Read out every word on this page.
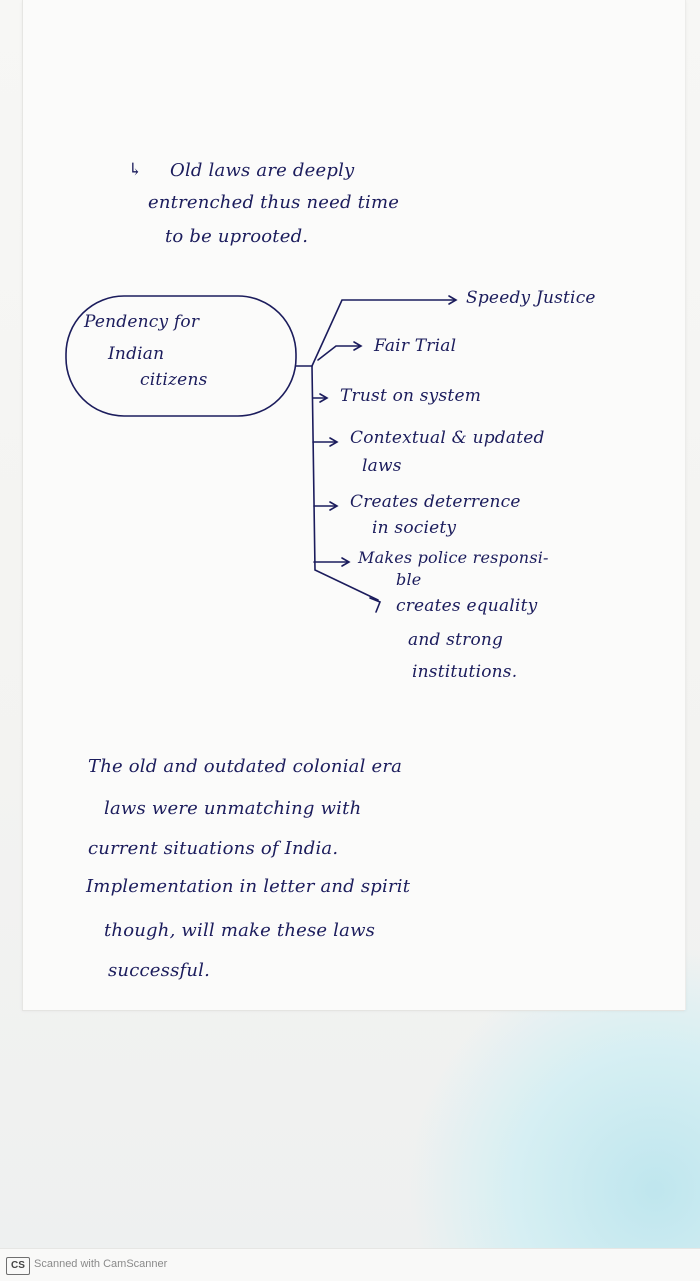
↳ Old laws are deeply
entrenched thus need time
to be uprooted.
Pendency for
Indian
citizens
Speedy Justice
Fair Trial
Trust on system
Contextual & updated
laws
Creates deterrence
in society
Makes police responsi-
ble
creates equality
and strong
institutions.
The old and outdated colonial era
laws were unmatching with
current situations of India.
Implementation in letter and spirit
though, will make these laws
successful.
CS Scanned with CamScanner
